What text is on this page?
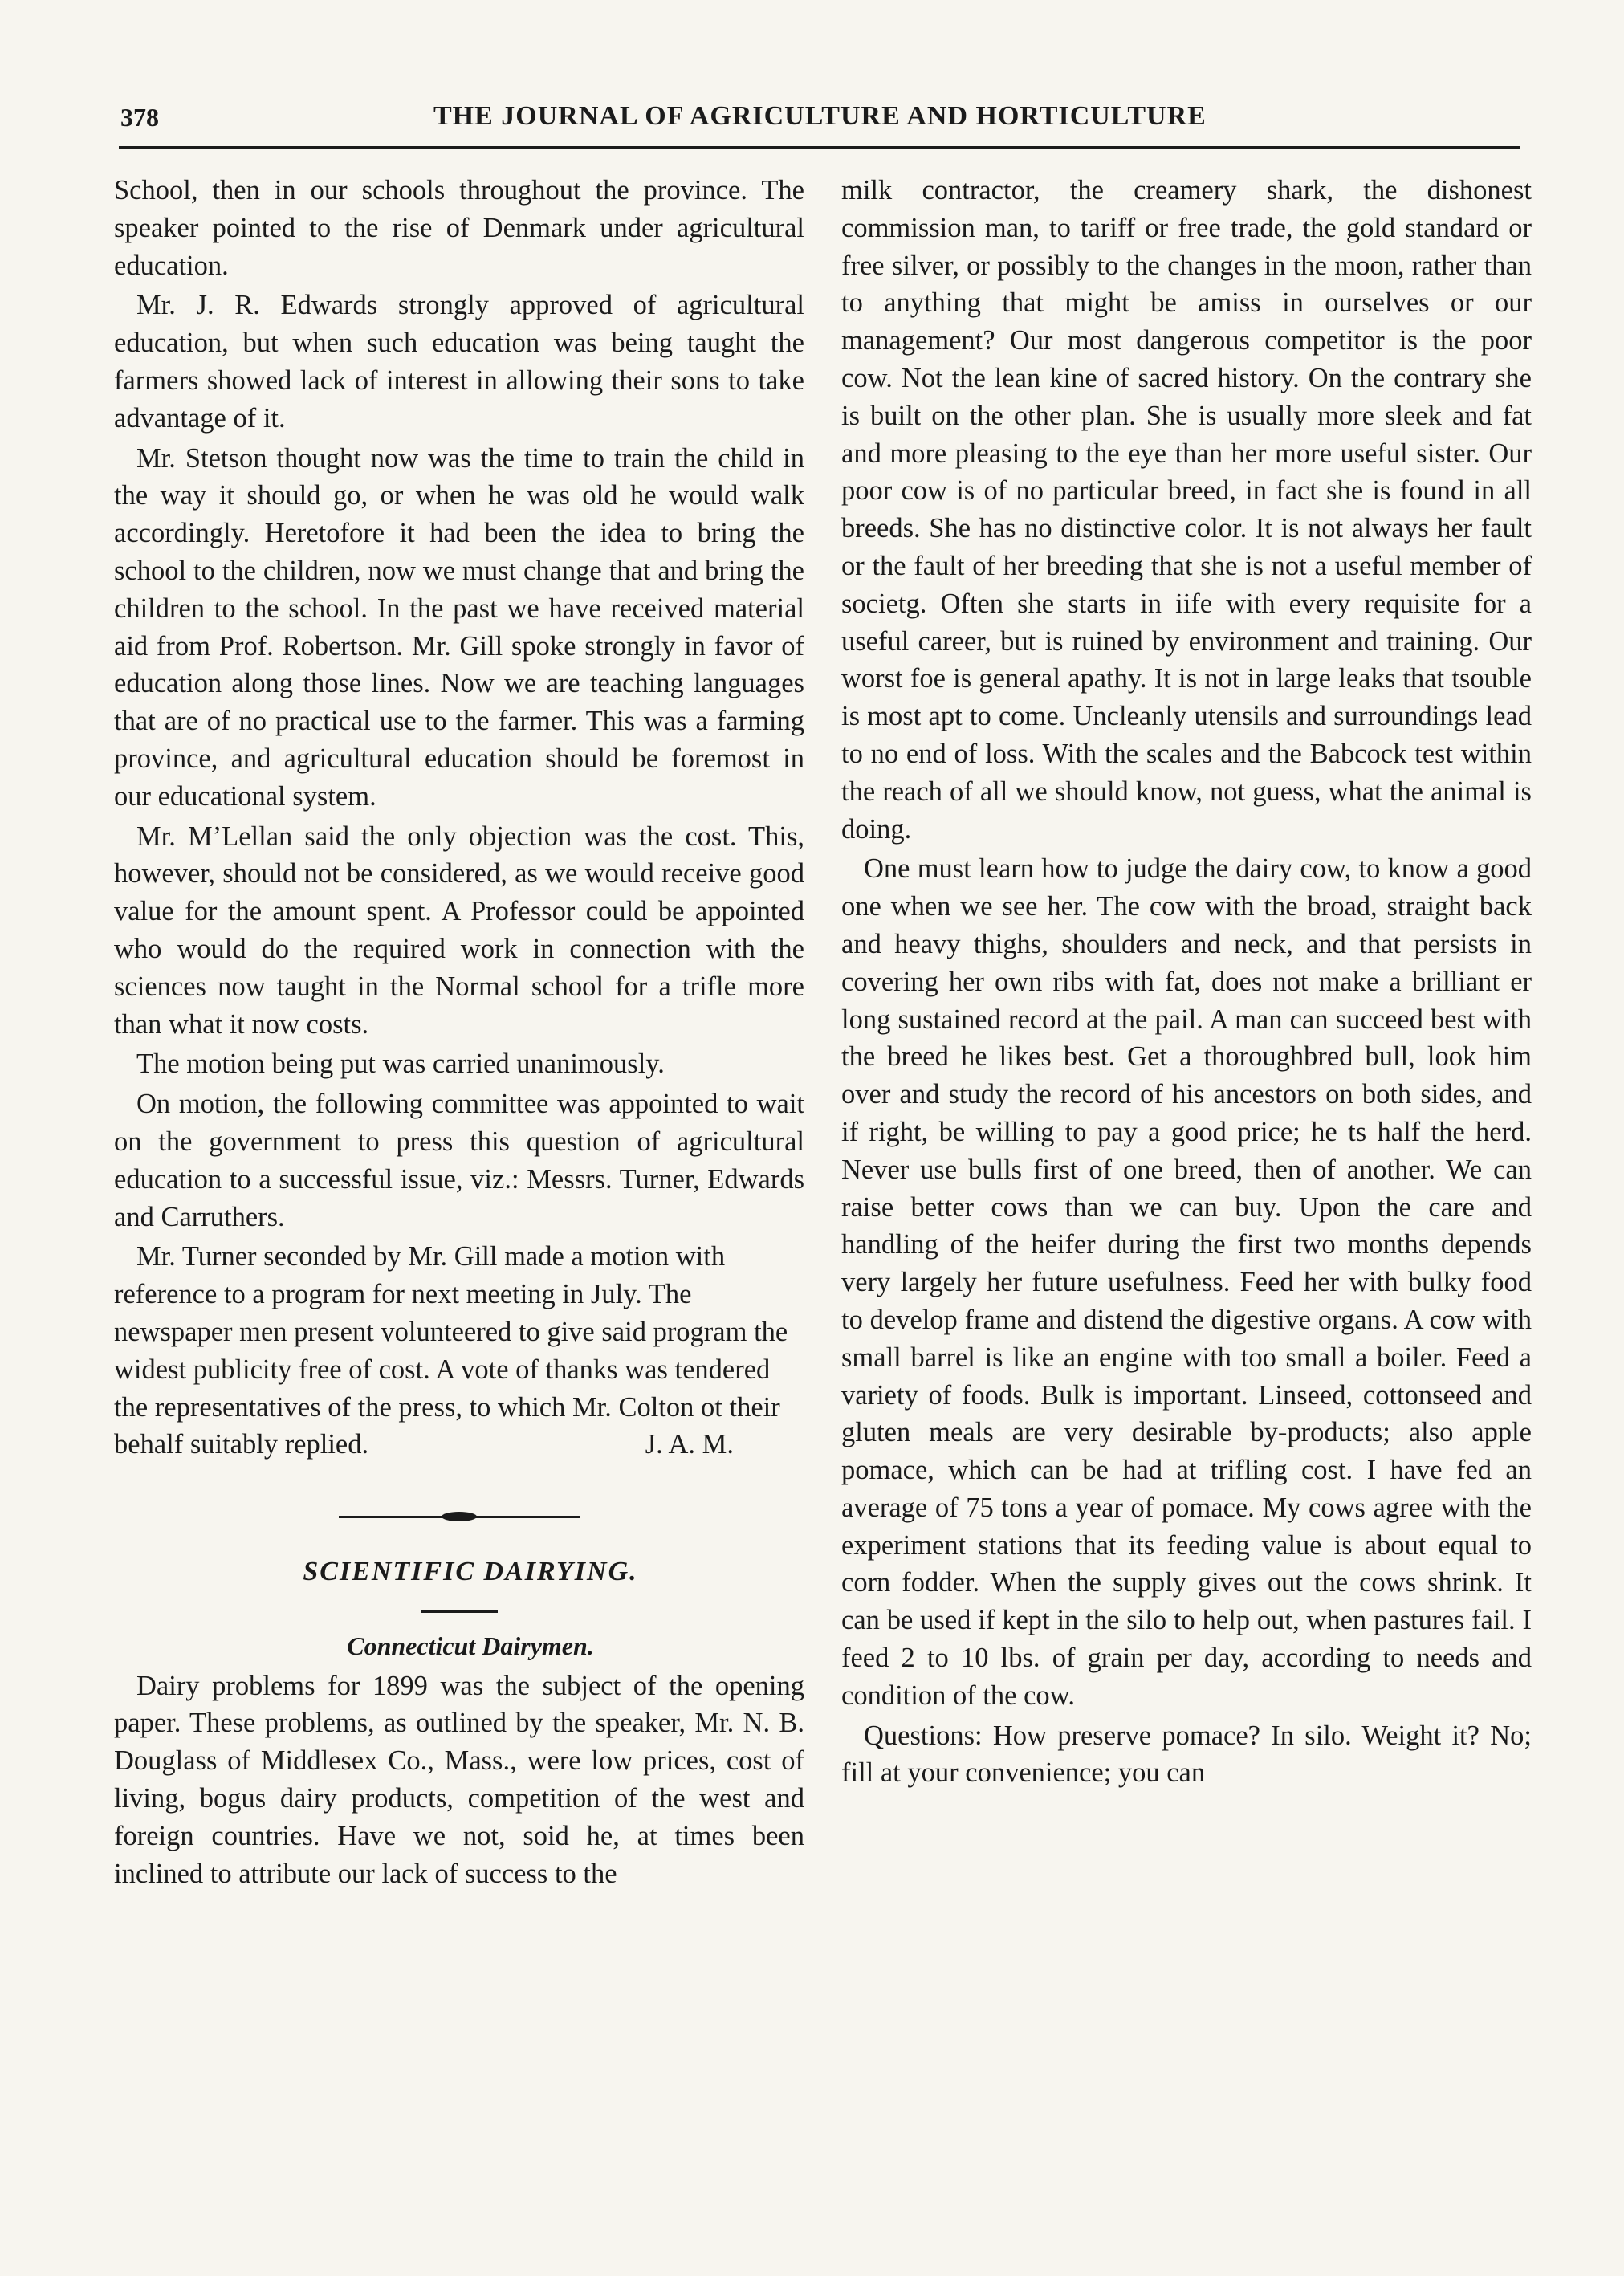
378	THE JOURNAL OF AGRICULTURE AND HORTICULTURE

School, then in our schools throughout the province. The speaker pointed to the rise of Denmark under agricultural education.

Mr. J. R. Edwards strongly approved of agricultural education, but when such education was being taught the farmers showed lack of interest in allowing their sons to take advantage of it.

Mr. Stetson thought now was the time to train the child in the way it should go, or when he was old he would walk accordingly. Heretofore it had been the idea to bring the school to the children, now we must change that and bring the children to the school. In the past we have received material aid from Prof. Robertson. Mr. Gill spoke strongly in favor of education along those lines. Now we are teaching languages that are of no practical use to the farmer. This was a farming province, and agricultural education should be foremost in our educational system.

Mr. M’Lellan said the only objection was the cost. This, however, should not be considered, as we would receive good value for the amount spent. A Professor could be appointed who would do the required work in connection with the sciences now taught in the Normal school for a trifle more than what it now costs.

The motion being put was carried unanimously.

On motion, the following committee was appointed to wait on the government to press this question of agricultural education to a successful issue, viz.: Messrs. Turner, Edwards and Carruthers.

Mr. Turner seconded by Mr. Gill made a motion with reference to a program for next meeting in July. The newspaper men present volunteered to give said program the widest publicity free of cost. A vote of thanks was tendered the representatives of the press, to which Mr. Colton ot their behalf suitably replied.	J. A. M.

SCIENTIFIC DAIRYING.

Connecticut Dairymen.

Dairy problems for 1899 was the subject of the opening paper. These problems, as outlined by the speaker, Mr. N. B. Douglass of Middlesex Co., Mass., were low prices, cost of living, bogus dairy products, competition of the west and foreign countries. Have we not, soid he, at times been inclined to attribute our lack of success to the

milk contractor, the creamery shark, the dishonest commission man, to tariff or free trade, the gold standard or free silver, or possibly to the changes in the moon, rather than to anything that might be amiss in ourselves or our management? Our most dangerous competitor is the poor cow. Not the lean kine of sacred history. On the contrary she is built on the other plan. She is usually more sleek and fat and more pleasing to the eye than her more useful sister. Our poor cow is of no particular breed, in fact she is found in all breeds. She has no distinctive color. It is not always her fault or the fault of her breeding that she is not a useful member of societg. Often she starts in iife with every requisite for a useful career, but is ruined by environment and training. Our worst foe is general apathy. It is not in large leaks that tsouble is most apt to come. Uncleanly utensils and surroundings lead to no end of loss. With the scales and the Babcock test within the reach of all we should know, not guess, what the animal is doing.

One must learn how to judge the dairy cow, to know a good one when we see her. The cow with the broad, straight back and heavy thighs, shoulders and neck, and that persists in covering her own ribs with fat, does not make a brilliant er long sustained record at the pail. A man can succeed best with the breed he likes best. Get a thoroughbred bull, look him over and study the record of his ancestors on both sides, and if right, be willing to pay a good price; he ts half the herd. Never use bulls first of one breed, then of another. We can raise better cows than we can buy. Upon the care and handling of the heifer during the first two months depends very largely her future usefulness. Feed her with bulky food to develop frame and distend the digestive organs. A cow with small barrel is like an engine with too small a boiler. Feed a variety of foods. Bulk is important. Linseed, cottonseed and gluten meals are very desirable by-products; also apple pomace, which can be had at trifling cost. I have fed an average of 75 tons a year of pomace. My cows agree with the experiment stations that its feeding value is about equal to corn fodder. When the supply gives out the cows shrink. It can be used if kept in the silo to help out, when pastures fail. I feed 2 to 10 lbs. of grain per day, according to needs and condition of the cow.

Questions: How preserve pomace? In silo. Weight it? No; fill at your convenience; you can
